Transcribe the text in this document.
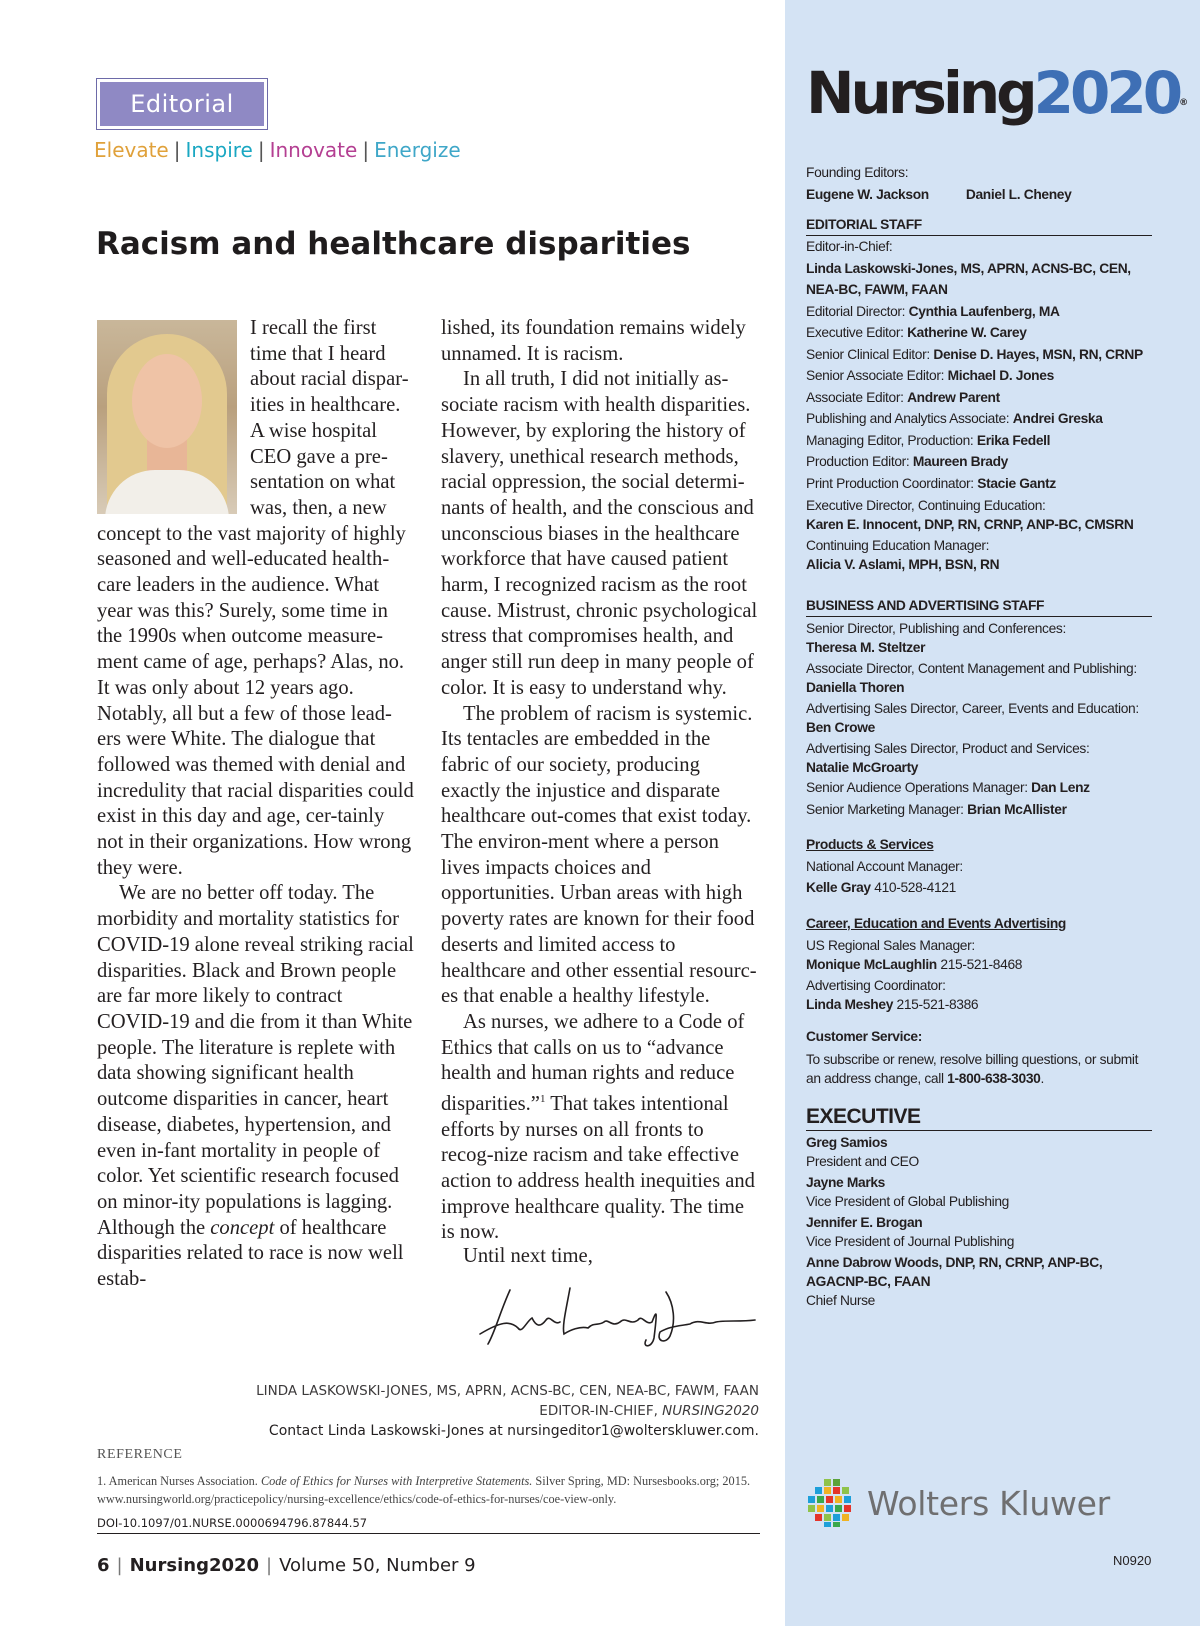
Editorial
Elevate | Inspire | Innovate | Energize
Racism and healthcare disparities

I recall the first
time that I heard
about racial dispar-
ities in healthcare.
A wise hospital
CEO gave a pre-
sentation on what
was, then, a new
concept to the vast majority of highly seasoned and well-educated health-care leaders in the audience. What year was this? Surely, some time in the 1990s when outcome measure-ment came of age, perhaps? Alas, no. It was only about 12 years ago. Notably, all but a few of those lead-ers were White. The dialogue that followed was themed with denial and incredulity that racial disparities could exist in this day and age, cer-tainly not in their organizations. How wrong they were.

We are no better off today. The morbidity and mortality statistics for COVID-19 alone reveal striking racial disparities. Black and Brown people are far more likely to contract COVID-19 and die from it than White people. The literature is replete with data showing significant health outcome disparities in cancer, heart disease, diabetes, hypertension, and even in-fant mortality in people of color. Yet scientific research focused on minor-ity populations is lagging. Although the concept of healthcare disparities related to race is now well estab-

lished, its foundation remains widely unnamed. It is racism.

In all truth, I did not initially as-sociate racism with health disparities. However, by exploring the history of slavery, unethical research methods, racial oppression, the social determi-nants of health, and the conscious and unconscious biases in the healthcare workforce that have caused patient harm, I recognized racism as the root cause. Mistrust, chronic psychological stress that compromises health, and anger still run deep in many people of color. It is easy to understand why.

The problem of racism is systemic. Its tentacles are embedded in the fabric of our society, producing exactly the injustice and disparate healthcare out-comes that exist today. The environ-ment where a person lives impacts choices and opportunities. Urban areas with high poverty rates are known for their food deserts and limited access to healthcare and other essential resourc-es that enable a healthy lifestyle.

As nurses, we adhere to a Code of Ethics that calls on us to “advance health and human rights and reduce disparities.”$^1$ That takes intentional efforts by nurses on all fronts to recog-nize racism and take effective action to address health inequities and improve healthcare quality. The time is now.

Until next time,
LINDA LASKOWSKI-JONES, MS, APRN, ACNS-BC, CEN, NEA-BC, FAWM, FAAN
EDITOR-IN-CHIEF, NURSING2020
Contact Linda Laskowski-Jones at nursingeditor1@wolterskluwer.com.
REFERENCE
1. American Nurses Association. Code of Ethics for Nurses with Interpretive Statements. Silver Spring, MD: Nursesbooks.org; 2015. www.nursingworld.org/practicepolicy/nursing-excellence/ethics/code-of-ethics-for-nurses/coe-view-only.
DOI-10.1097/01.NURSE.0000694796.87844.57
6 | Nursing2020 | Volume 50, Number 9
Nursing2020®
Founding Editors:
Eugene W. Jackson	Daniel L. Cheney
EDITORIAL STAFF
Editor-in-Chief:
Linda Laskowski-Jones, MS, APRN, ACNS-BC, CEN, NEA-BC, FAWM, FAAN
Editorial Director: Cynthia Laufenberg, MA
Executive Editor: Katherine W. Carey
Senior Clinical Editor: Denise D. Hayes, MSN, RN, CRNP
Senior Associate Editor: Michael D. Jones
Associate Editor: Andrew Parent
Publishing and Analytics Associate: Andrei Greska
Managing Editor, Production: Erika Fedell
Production Editor: Maureen Brady
Print Production Coordinator: Stacie Gantz
Executive Director, Continuing Education:
Karen E. Innocent, DNP, RN, CRNP, ANP-BC, CMSRN
Continuing Education Manager:
Alicia V. Aslami, MPH, BSN, RN
BUSINESS AND ADVERTISING STAFF
Senior Director, Publishing and Conferences:
Theresa M. Steltzer
Associate Director, Content Management and Publishing:
Daniella Thoren
Advertising Sales Director, Career, Events and Education:
Ben Crowe
Advertising Sales Director, Product and Services:
Natalie McGroarty
Senior Audience Operations Manager: Dan Lenz
Senior Marketing Manager: Brian McAllister
Products & Services
National Account Manager:
Kelle Gray 410-528-4121
Career, Education and Events Advertising
US Regional Sales Manager:
Monique McLaughlin 215-521-8468
Advertising Coordinator:
Linda Meshey 215-521-8386
Customer Service:
To subscribe or renew, resolve billing questions, or submit an address change, call 1-800-638-3030.
EXECUTIVE
Greg Samios
President and CEO
Jayne Marks
Vice President of Global Publishing
Jennifer E. Brogan
Vice President of Journal Publishing
Anne Dabrow Woods, DNP, RN, CRNP, ANP-BC, AGACNP-BC, FAAN
Chief Nurse
Wolters Kluwer
N0920
